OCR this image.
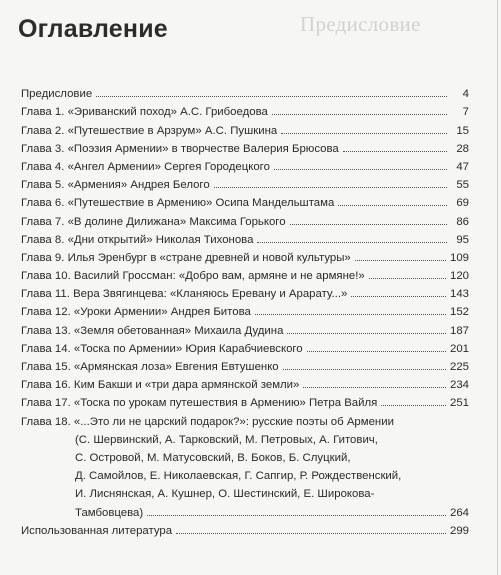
Предисловие
Оглавление
Предисловие	4
Глава 1. «Эриванский поход» А.С. Грибоедова	7
Глава 2. «Путешествие в Арзрум» А.С. Пушкина	15
Глава 3. «Поэзия Армении» в творчестве Валерия Брюсова	28
Глава 4. «Ангел Армении» Сергея Городецкого	47
Глава 5. «Армения» Андрея Белого	55
Глава 6. «Путешествие в Армению» Осипа Мандельштама	69
Глава 7. «В долине Дилижана» Максима Горького	86
Глава 8. «Дни открытий» Николая Тихонова	95
Глава 9. Илья Эренбург в «стране древней и новой культуры»	109
Глава 10. Василий Гроссман: «Добро вам, армяне и не армяне!»	120
Глава 11. Вера Звягинцева: «Кланяюсь Еревану и Арарату...»	143
Глава 12. «Уроки Армении» Андрея Битова	152
Глава 13. «Земля обетованная» Михаила Дудина	187
Глава 14. «Тоска по Армении» Юрия Карабчиевского	201
Глава 15. «Армянская лоза» Евгения Евтушенко	225
Глава 16. Ким Бакши и «три дара армянской земли»	234
Глава 17. «Тоска по урокам путешествия в Армению» Петра Вайля	251
Глава 18. «...Это ли не царский подарок?»: русские поэты об Армении
(С. Шервинский, А. Тарковский, М. Петровых, А. Гитович,
С. Островой, М. Матусовский, В. Боков, Б. Слуцкий,
Д. Самойлов, Е. Николаевская, Г. Сапгир, Р. Рождественский,
И. Лиснянская, А. Кушнер, О. Шестинский, Е. Широкова-
Тамбовцева)	264
Использованная литература	299
